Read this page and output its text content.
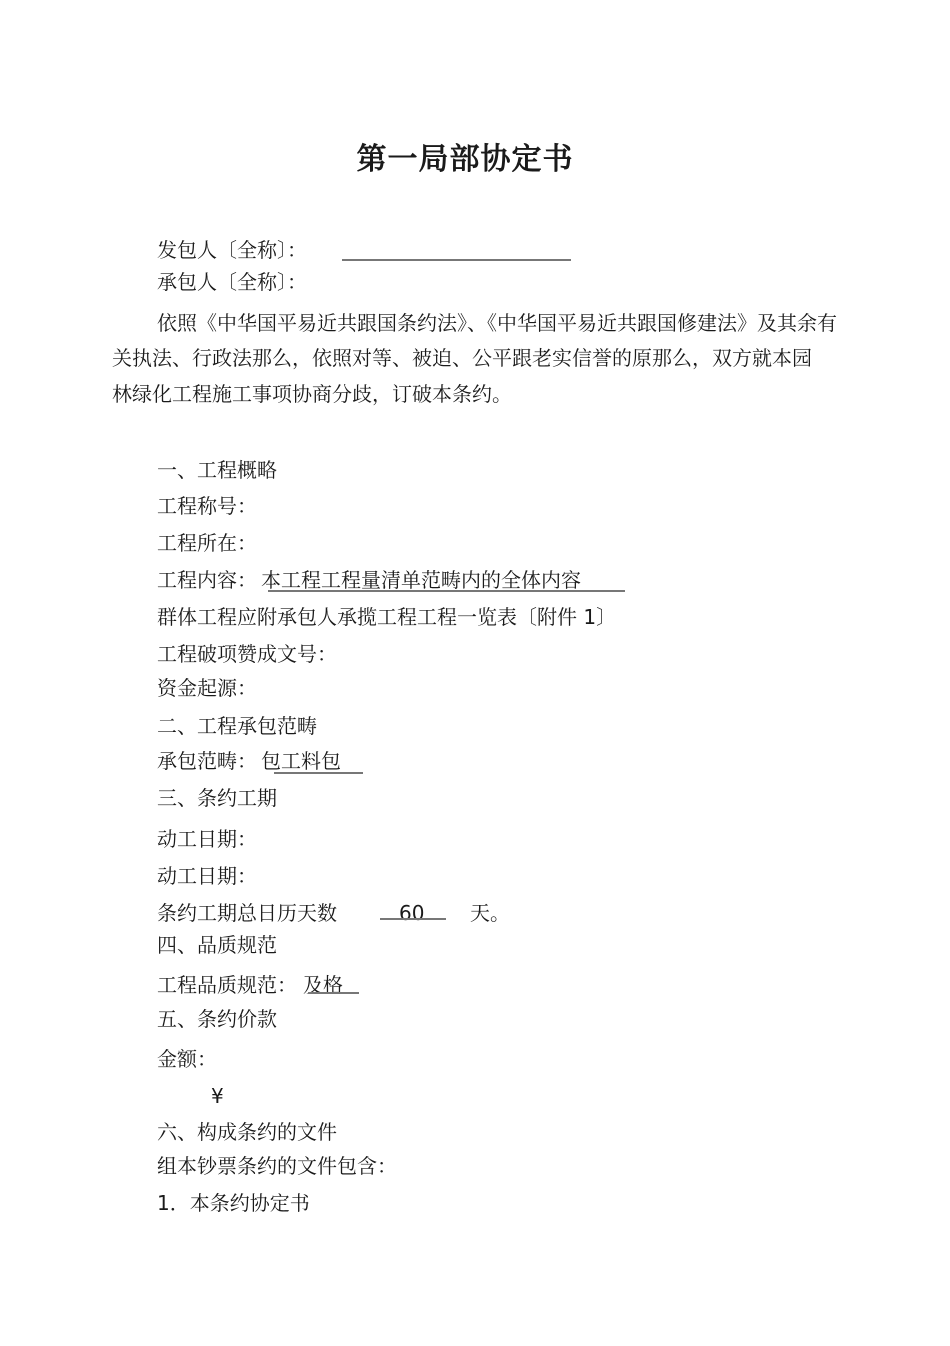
第一局部协定书
发包人〔全称〕：
承包人〔全称〕：
依照《中华国平易近共跟国条约法》、《中华国平易近共跟国修建法》及其余有
关执法、行政法那么，依照对等、被迫、公平跟老实信誉的原那么，双方就本园
林绿化工程施工事项协商分歧，订破本条约。
一、工程概略
工程称号：
工程所在：
工程内容： 本工程工程量清单范畴内的全体内容
群体工程应附承包人承揽工程工程一览表〔附件 1〕
工程破项赞成文号：
资金起源：
二、工程承包范畴
承包范畴： 包工料包
三、条约工期
动工日期：
动工日期：
条约工期总日历天数	60 天。
四、品质规范
工程品质规范： 及格
五、条约价款
金额：
¥
六、构成条约的文件
组本钞票条约的文件包含：
1．本条约协定书
